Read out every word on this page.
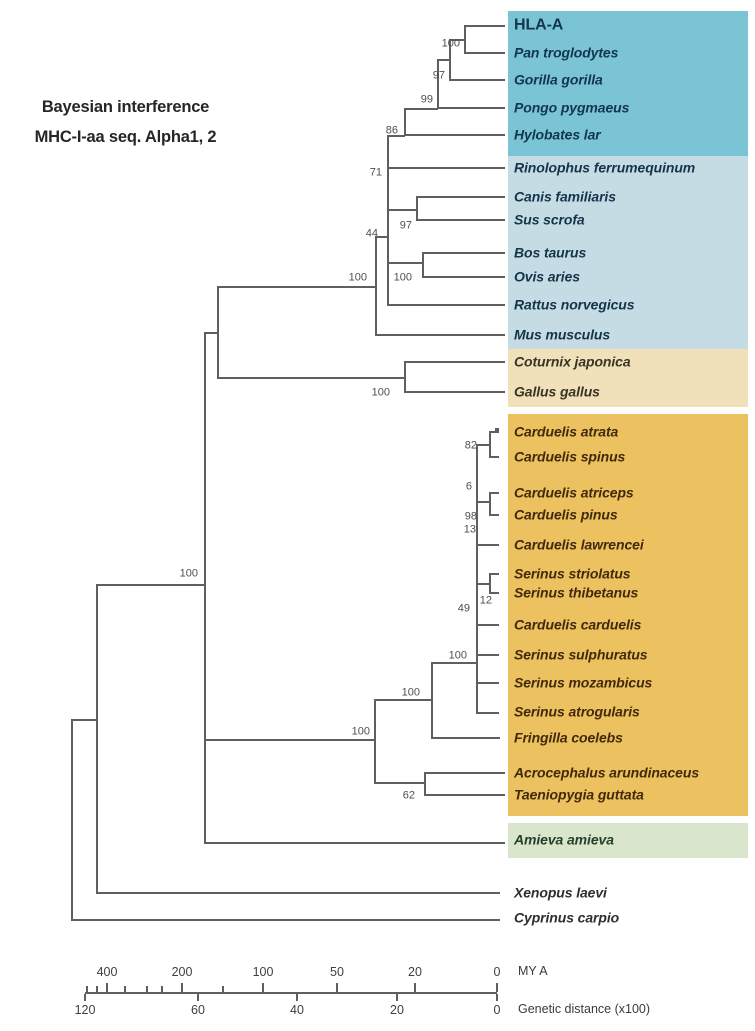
Bayesian interference
MHC-I-aa seq. Alpha1, 2
HLA-A
Pan troglodytes
Gorilla gorilla
Pongo pygmaeus
Hylobates lar
Rinolophus ferrumequinum
Canis familiaris
Sus scrofa
Bos taurus
Ovis aries
Rattus norvegicus
Mus musculus
Coturnix japonica
Gallus gallus
Carduelis atrata
Carduelis spinus
Carduelis atriceps
Carduelis pinus
Carduelis lawrencei
Serinus striolatus
Serinus thibetanus
Carduelis carduelis
Serinus sulphuratus
Serinus mozambicus
Serinus atrogularis
Fringilla coelebs
Acrocephalus arundinaceus
Taeniopygia guttata
Amieva amieva
Xenopus laevi
Cyprinus carpio
100
97
99
86
71
44
97
100
100
100
100
82
6
98
13
12
49
100
100
100
62
MY A
Genetic distance (x100)
400	200	100	50	20	0
120	60	40	20	0
